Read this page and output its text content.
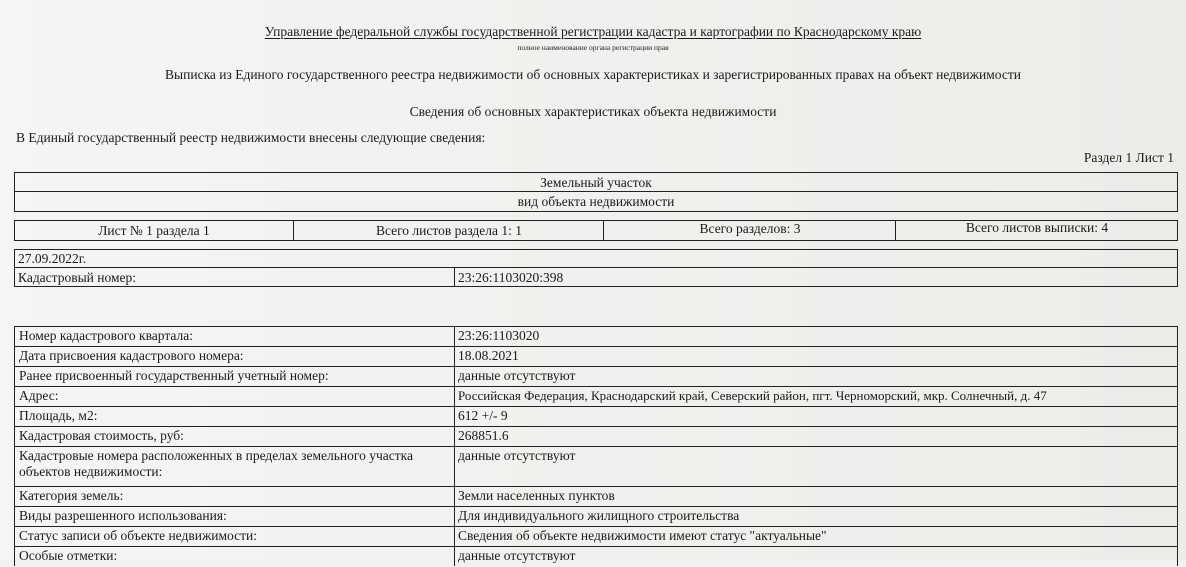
Управление федеральной службы государственной регистрации кадастра и картографии по Краснодарскому краю
полное наименование органа регистрации прав
Выписка из Единого государственного реестра недвижимости об основных характеристиках и зарегистрированных правах на объект недвижимости
Сведения об основных характеристиках объекта недвижимости
В Единый государственный реестр недвижимости внесены следующие сведения:
Раздел 1 Лист 1
Земельный участок
вид объекта недвижимости
Лист № 1 раздела 1	Всего листов раздела 1: 1	Всего разделов: 3	Всего листов выписки: 4
27.09.2022г.
Кадастровый номер:	23:26:1103020:398
Номер кадастрового квартала:	23:26:1103020
Дата присвоения кадастрового номера:	18.08.2021
Ранее присвоенный государственный учетный номер:	данные отсутствуют
Адрес:	Российская Федерация, Краснодарский край, Северский район, пгт. Черноморский, мкр. Солнечный, д. 47
Площадь, м2:	612 +/- 9
Кадастровая стоимость, руб:	268851.6
Кадастровые номера расположенных в пределах земельного участка объектов недвижимости:
данные отсутствуют
Категория земель:	Земли населенных пунктов
Виды разрешенного использования:	Для индивидуального жилищного строительства
Статус записи об объекте недвижимости:	Сведения об объекте недвижимости имеют статус "актуальные"
Особые отметки:	данные отсутствуют
